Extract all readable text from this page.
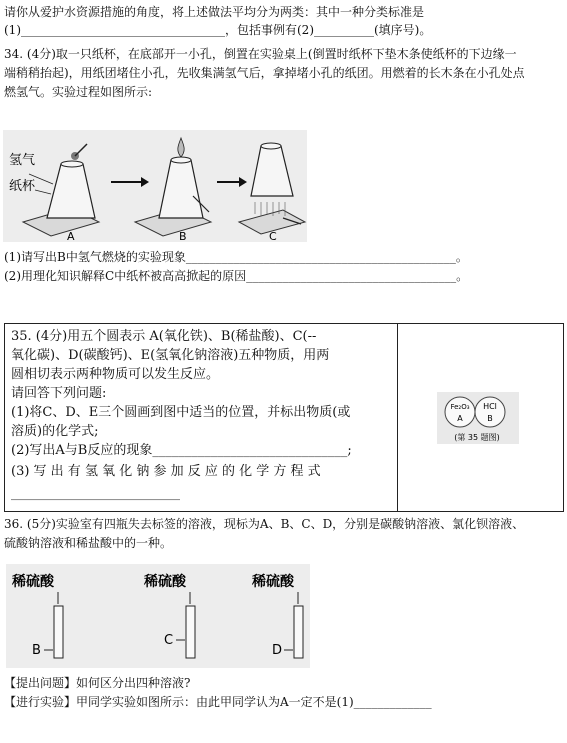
请你从爱护水资源措施的角度，将上述做法平均分为两类：其中一种分类标准是
(1)__________________________________，包括事例有(2)__________(填序号)。
34. (4分)取一只纸杯，在底部开一小孔，倒置在实验桌上(倒置时纸杯下垫木条使纸杯的下边缘一
端稍稍抬起)，用纸团堵住小孔，先收集满氢气后，拿掉堵小孔的纸团。用燃着的长木条在小孔处点
燃氢气。实验过程如图所示:
氢气
纸杯
A	B	C
(1)请写出B中氢气燃烧的实验现象_____________________________________________。
(2)用理化知识解释C中纸杯被高高掀起的原因___________________________________。
35. (4分)用五个圆表示 A(氧化铁)、B(稀盐酸)、C(--
氧化碳)、D(碳酸钙)、E(氢氧化钠溶液)五种物质，用两
圆相切表示两种物质可以发生反应。
请回答下列问题:
(1)将C、D、E三个圆画到图中适当的位置，并标出物质(或
溶质)的化学式;
(2)写出A与B反应的现象______________________________;
(3) 写 出 有 氢 氧 化 钠 参 加 反 应 的 化 学 方 程 式
__________________________
Fe₂O₃
A
HCl
B
(第 35 题图)
36. (5分)实验室有四瓶失去标签的溶液，现标为A、B、C、D，分别是碳酸钠溶液、氯化钡溶液、
硫酸钠溶液和稀盐酸中的一种。
稀硫酸
B
稀硫酸
C
稀硫酸
D
【提出问题】如何区分出四种溶液?
【进行实验】甲同学实验如图所示：由此甲同学认为A一定不是(1)_____________
